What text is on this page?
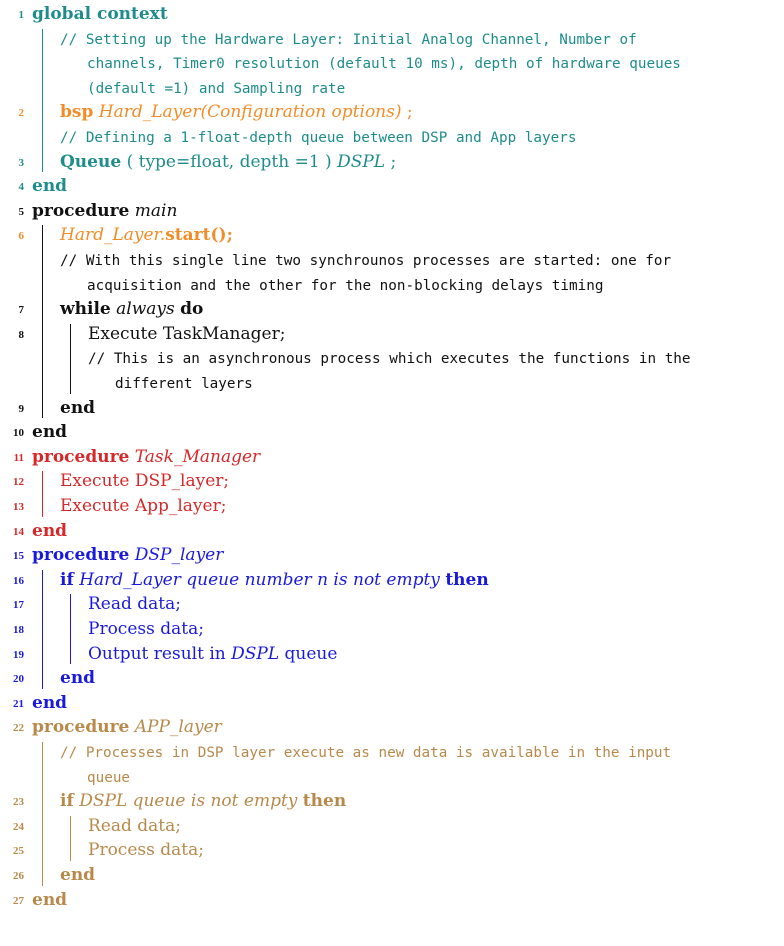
1 global context
// Setting up the Hardware Layer: Initial Analog Channel, Number of
channels, Timer0 resolution (default 10 ms), depth of hardware queues
(default =1) and Sampling rate
2 bsp Hard_Layer(Configuration options) ;
// Defining a 1-float-depth queue between DSP and App layers
3 Queue ( type=float, depth =1 ) DSPL ;
4 end
5 procedure main
6 Hard_Layer.start();
// With this single line two synchrounos processes are started: one for
acquisition and the other for the non-blocking delays timing
7 while always do
8	Execute TaskManager;
// This is an asynchronous process which executes the functions in the
different layers
9 end
10 end
11 procedure Task_Manager
12 Execute DSP_layer;
13 Execute App_layer;
14 end
15 procedure DSP_layer
16 if Hard_Layer queue number n is not empty then
17	Read data;
18	Process data;
19	Output result in DSPL queue
20 end
21 end
22 procedure APP_layer
// Processes in DSP layer execute as new data is available in the input
queue
23 if DSPL queue is not empty then
24	Read data;
25	Process data;
26 end
27 end
